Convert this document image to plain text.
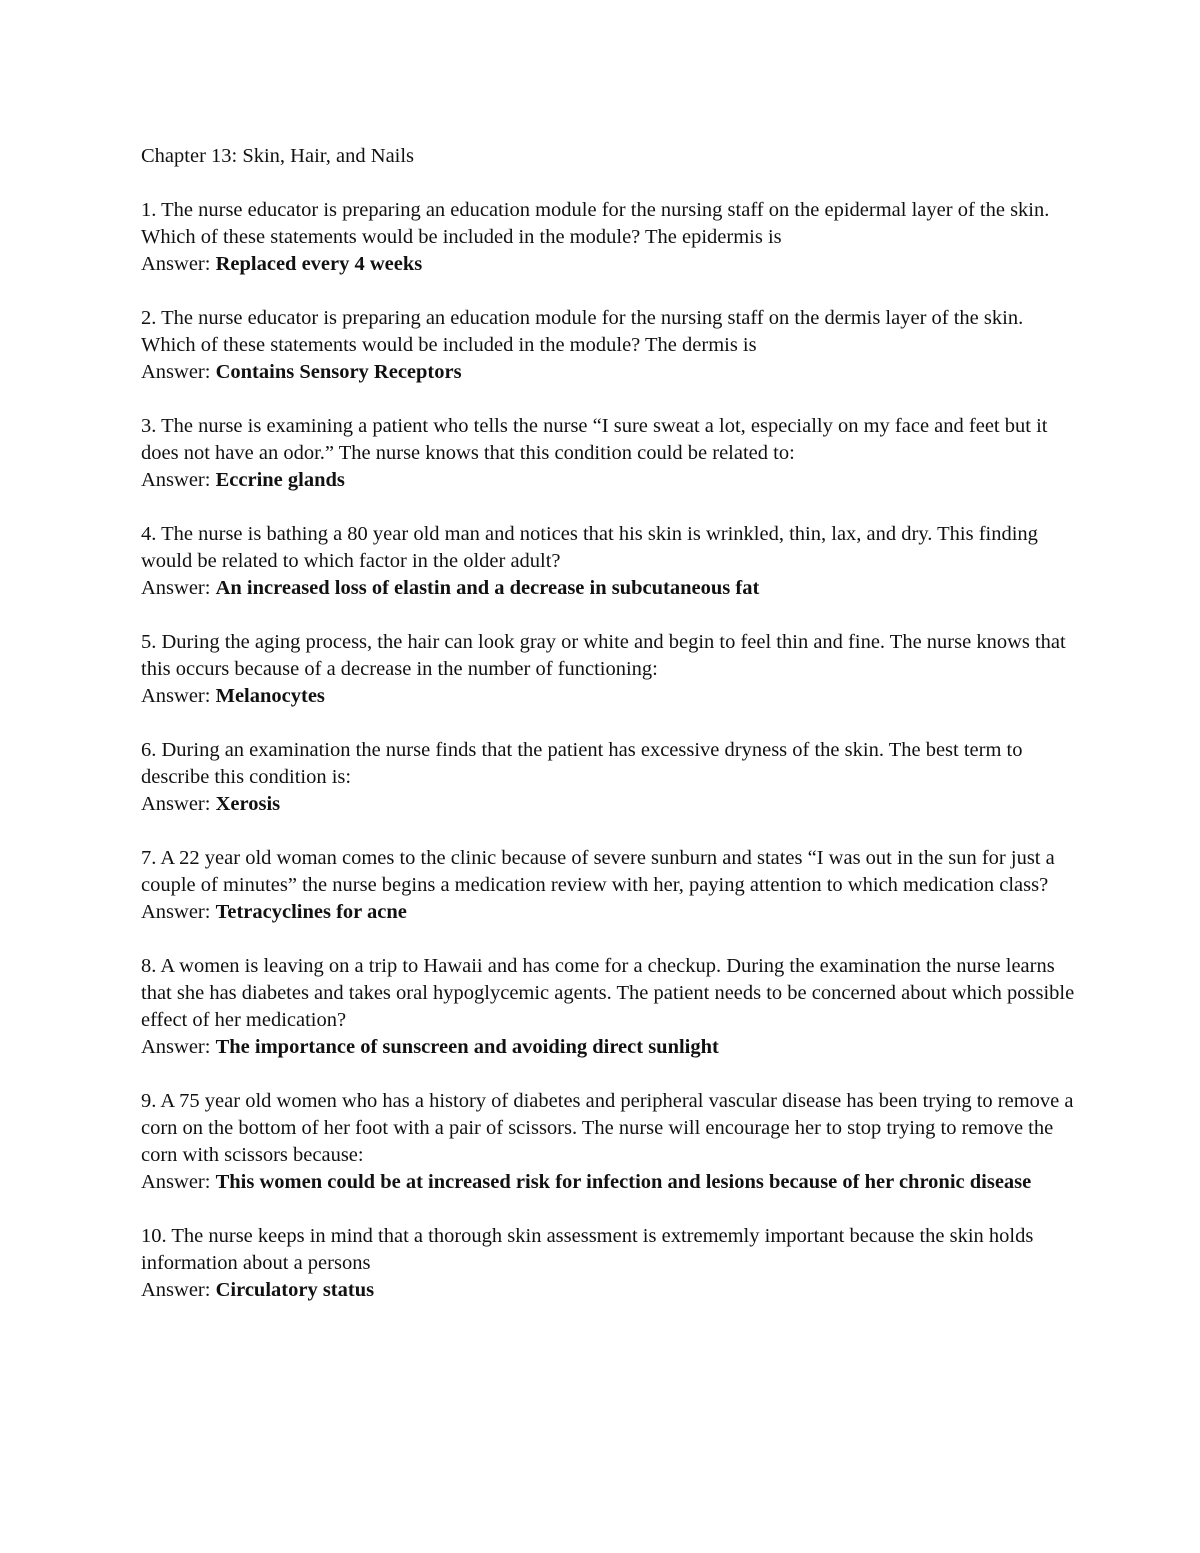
Chapter 13: Skin, Hair, and Nails
1. The nurse educator is preparing an education module for the nursing staff on the epidermal layer of the skin. Which of these statements would be included in the module? The epidermis is
Answer: Replaced every 4 weeks
2. The nurse educator is preparing an education module for the nursing staff on the dermis layer of the skin. Which of these statements would be included in the module? The dermis is
Answer: Contains Sensory Receptors
3. The nurse is examining a patient who tells the nurse “I sure sweat a lot, especially on my face and feet but it does not have an odor.” The nurse knows that this condition could be related to:
Answer: Eccrine glands
4. The nurse is bathing a 80 year old man and notices that his skin is wrinkled, thin, lax, and dry. This finding would be related to which factor in the older adult?
Answer: An increased loss of elastin and a decrease in subcutaneous fat
5. During the aging process, the hair can look gray or white and begin to feel thin and fine. The nurse knows that this occurs because of a decrease in the number of functioning:
Answer: Melanocytes
6. During an examination the nurse finds that the patient has excessive dryness of the skin. The best term to describe this condition is:
Answer: Xerosis
7. A 22 year old woman comes to the clinic because of severe sunburn and states “I was out in the sun for just a couple of minutes” the nurse begins a medication review with her, paying attention to which medication class?
Answer: Tetracyclines for acne
8. A women is leaving on a trip to Hawaii and has come for a checkup. During the examination the nurse learns that she has diabetes and takes oral hypoglycemic agents. The patient needs to be concerned about which possible effect of her medication?
Answer: The importance of sunscreen and avoiding direct sunlight
9. A 75 year old women who has a history of diabetes and peripheral vascular disease has been trying to remove a corn on the bottom of her foot with a pair of scissors. The nurse will encourage her to stop trying to remove the corn with scissors because:
Answer: This women could be at increased risk for infection and lesions because of her chronic disease
10. The nurse keeps in mind that a thorough skin assessment is extrememly important because the skin holds information about a persons
Answer: Circulatory status
